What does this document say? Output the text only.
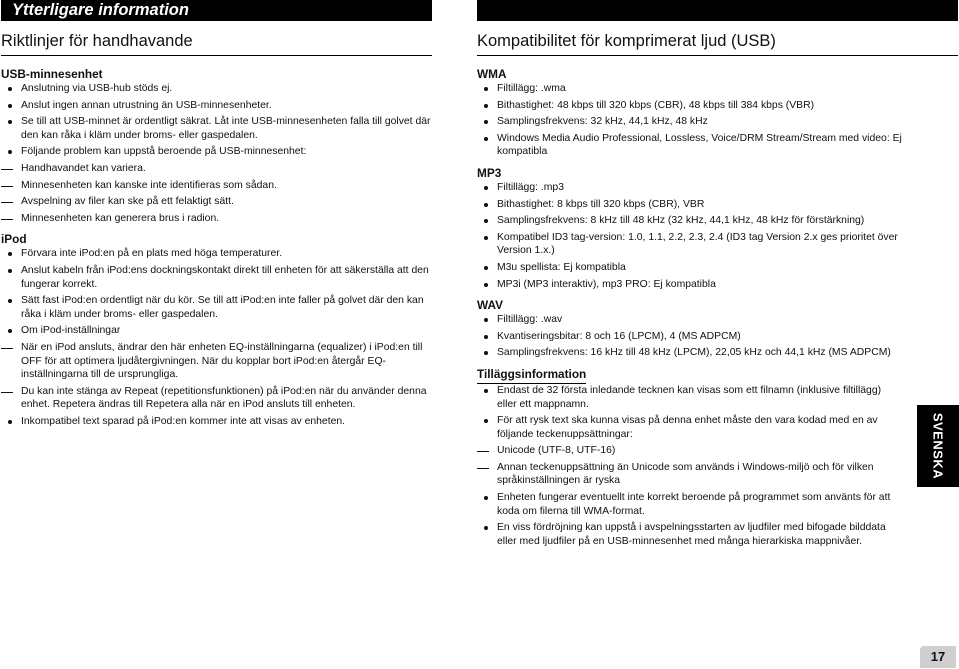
Ytterligare information
Riktlinjer för handhavande	Kompatibilitet för komprimerat ljud (USB)
USB-minnesenhet
Anslutning via USB-hub stöds ej.
Anslut ingen annan utrustning än USB-minnesenheter.
Se till att USB-minnet är ordentligt säkrat. Låt inte USB-minnesenheten falla till golvet där den kan råka i kläm under broms- eller gaspedalen.
Följande problem kan uppstå beroende på USB-minnesenhet:
Handhavandet kan variera.
Minnesenheten kan kanske inte identifieras som sådan.
Avspelning av filer kan ske på ett felaktigt sätt.
Minnesenheten kan generera brus i radion.
iPod
Förvara inte iPod:en på en plats med höga temperaturer.
Anslut kabeln från iPod:ens dockningskontakt direkt till enheten för att säkerställa att den fungerar korrekt.
Sätt fast iPod:en ordentligt när du kör. Se till att iPod:en inte faller på golvet där den kan råka i kläm under broms- eller gaspedalen.
Om iPod-inställningar
När en iPod ansluts, ändrar den här enheten EQ-inställningarna (equalizer) i iPod:en till OFF för att optimera ljudåtergivningen. När du kopplar bort iPod:en återgår EQ-inställningarna till de ursprungliga.
Du kan inte stänga av Repeat (repetitionsfunktionen) på iPod:en när du använder denna enhet. Repetera ändras till Repetera alla när en iPod ansluts till enheten.
Inkompatibel text sparad på iPod:en kommer inte att visas av enheten.
WMA
Filtillägg: .wma
Bithastighet: 48 kbps till 320 kbps (CBR), 48 kbps till 384 kbps (VBR)
Samplingsfrekvens: 32 kHz, 44,1 kHz, 48 kHz
Windows Media Audio Professional, Lossless, Voice/DRM Stream/Stream med video: Ej kompatibla
MP3
Filtillägg: .mp3
Bithastighet: 8 kbps till 320 kbps (CBR), VBR
Samplingsfrekvens: 8 kHz till 48 kHz (32 kHz, 44,1 kHz, 48 kHz för förstärkning)
Kompatibel ID3 tag-version: 1.0, 1.1, 2.2, 2.3, 2.4 (ID3 tag Version 2.x ges prioritet över Version 1.x.)
M3u spellista: Ej kompatibla
MP3i (MP3 interaktiv), mp3 PRO: Ej kompatibla
WAV
Filtillägg: .wav
Kvantiseringsbitar: 8 och 16 (LPCM), 4 (MS ADPCM)
Samplingsfrekvens: 16 kHz till 48 kHz (LPCM), 22,05 kHz och 44,1 kHz (MS ADPCM)
Tilläggsinformation
Endast de 32 första inledande tecknen kan visas som ett filnamn (inklusive filtillägg) eller ett mappnamn.
För att rysk text ska kunna visas på denna enhet måste den vara kodad med en av följande teckenuppsättningar:
Unicode (UTF-8, UTF-16)
Annan teckenuppsättning än Unicode som används i Windows-miljö och för vilken språkinställningen är ryska
Enheten fungerar eventuellt inte korrekt beroende på programmet som använts för att koda om filerna till WMA-format.
En viss fördröjning kan uppstå i avspelningsstarten av ljudfiler med bifogade bilddata eller med ljudfiler på en USB-minnesenhet med många hierarkiska mappnivåer.
SVENSKA
17
